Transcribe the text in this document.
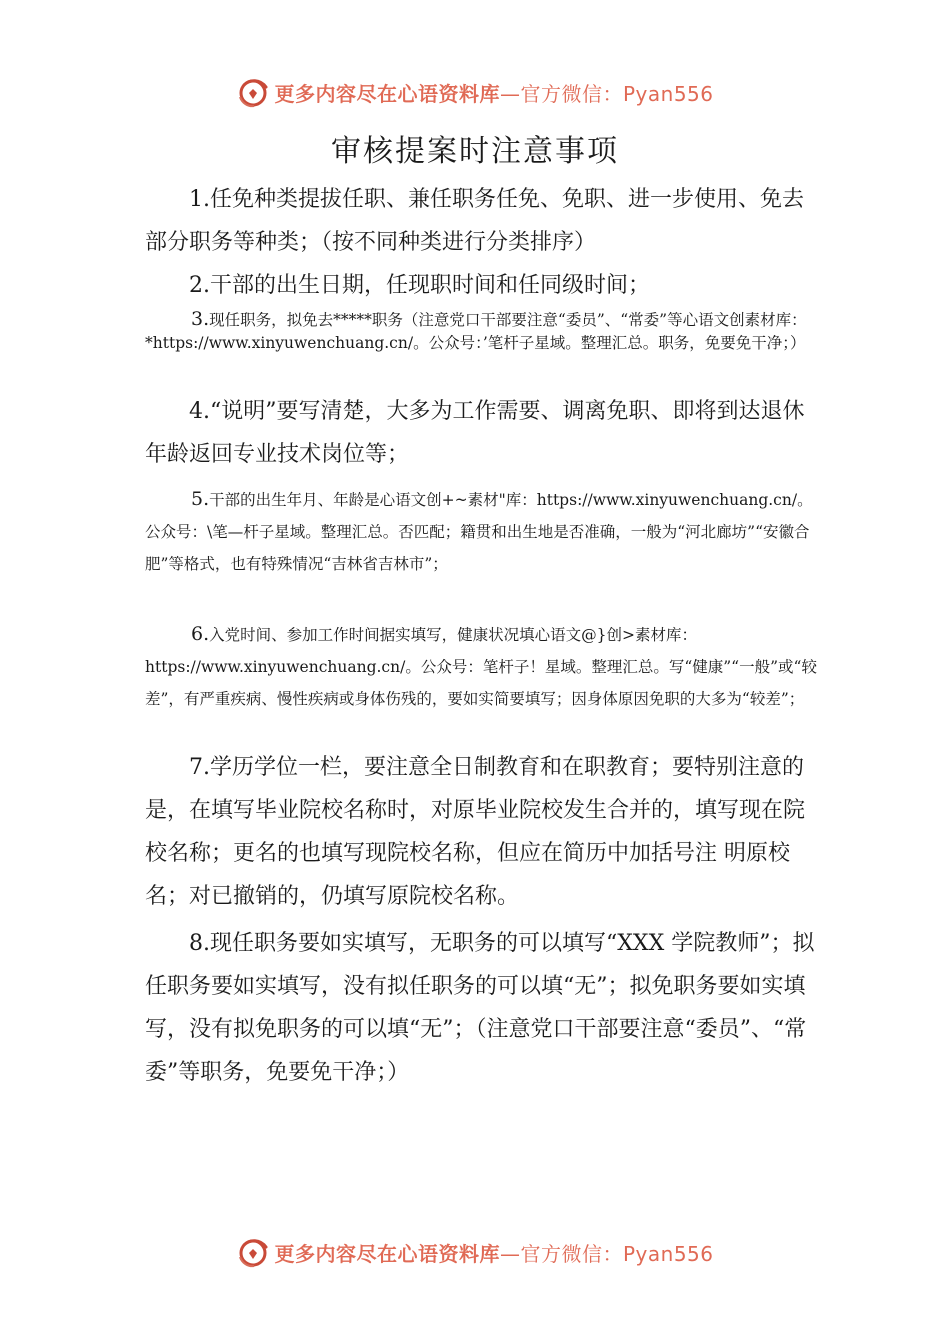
更多内容尽在心语资料库—官方微信：Pyan556
审核提案时注意事项

1.任免种类提拔任职、兼任职务任免、免职、进一步使用、免去部分职务等种类；（按不同种类进行分类排序）

2.干部的出生日期，任现职时间和任同级时间；

3.现任职务，拟免去*****职务（注意党口干部要注意“委员”、“常委”等心语文创素材库：*https://www.xinyuwenchuang.cn/。公众号：’笔杆子星域。整理汇总。职务，免要免干净；）

4.“说明”要写清楚，大多为工作需要、调离免职、即将到达退休年龄返回专业技术岗位等；

5.干部的出生年月、年龄是心语文创+~素材"库：https://www.xinyuwenchuang.cn/。公众号：\笔—杆子星域。整理汇总。否匹配；籍贯和出生地是否准确，一般为“河北廊坊”“安徽合肥”等格式，也有特殊情况“吉林省吉林市”；

6.入党时间、参加工作时间据实填写，健康状况填心语文@}创>素材库：https://www.xinyuwenchuang.cn/。公众号：笔杆子！星域。整理汇总。写“健康”“一般”或“较差”，有严重疾病、慢性疾病或身体伤残的，要如实简要填写；因身体原因免职的大多为“较差”；

7.学历学位一栏，要注意全日制教育和在职教育；要特别注意的是，在填写毕业院校名称时，对原毕业院校发生合并的，填写现在院校名称；更名的也填写现院校名称，但应在简历中加括号注 明原校名；对已撤销的，仍填写原院校名称。

8.现任职务要如实填写，无职务的可以填写“XXX 学院教师”；拟任职务要如实填写，没有拟任职务的可以填“无”；拟免职务要如实填写，没有拟免职务的可以填“无”；（注意党口干部要注意“委员”、“常委”等职务，免要免干净；）

更多内容尽在心语资料库—官方微信：Pyan556
